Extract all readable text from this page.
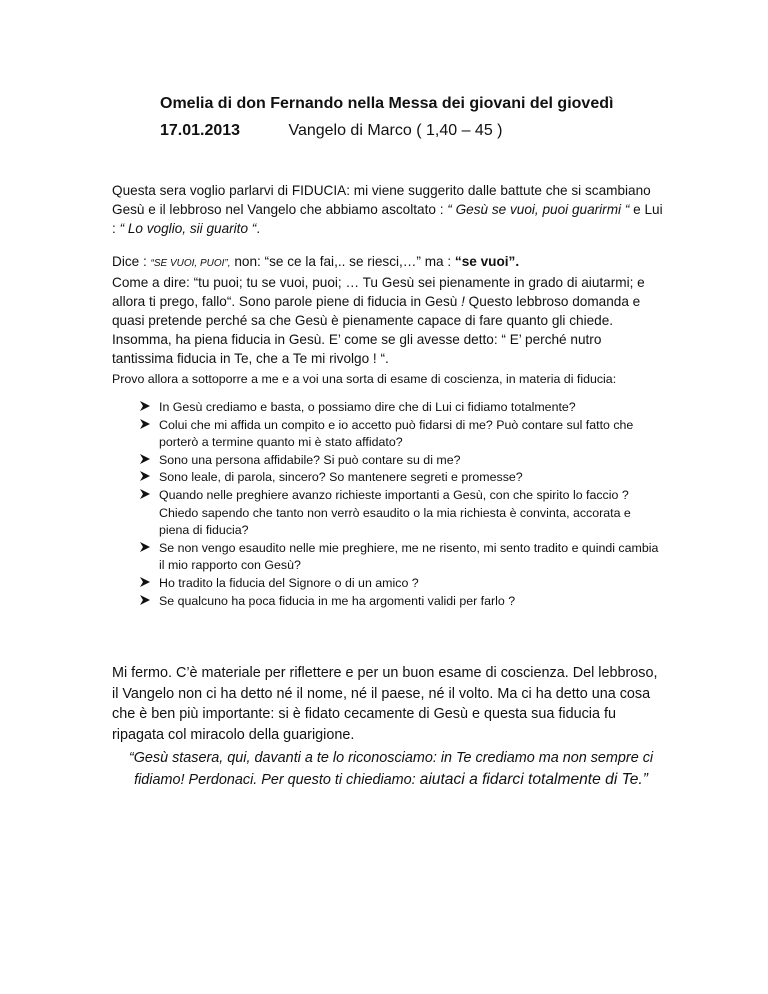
Omelia di don Fernando nella Messa dei giovani del giovedì
17.01.2013	Vangelo di Marco ( 1,40 – 45 )

Questa sera voglio parlarvi di FIDUCIA: mi viene suggerito dalle battute che si scambiano Gesù e il lebbroso nel Vangelo che abbiamo ascoltato : “ Gesù se vuoi, puoi guarirmi “ e Lui : “ Lo voglio, sii guarito “.

Dice : “SE VUOI, PUOI”, non: “se ce la fai,.. se riesci,…” ma : “se vuoi”.
Come a dire: “tu puoi; tu se vuoi, puoi; … Tu Gesù sei pienamente in grado di aiutarmi; e allora ti prego, fallo“. Sono parole piene di fiducia in Gesù ! Questo lebbroso domanda e quasi pretende perché sa che Gesù è pienamente capace di fare quanto gli chiede. Insomma, ha piena fiducia in Gesù. E’ come se gli avesse detto: “ E’ perché nutro tantissima fiducia in Te, che a Te mi rivolgo ! “.

Provo allora a sottoporre a me e a voi una sorta di esame di coscienza, in materia di fiducia:

In Gesù crediamo e basta, o possiamo dire che di Lui ci fidiamo totalmente?
Colui che mi affida un compito e io accetto può fidarsi di me? Può contare sul fatto che porterò a termine quanto mi è stato affidato?
Sono una persona affidabile? Si può contare su di me?
Sono leale, di parola, sincero? So mantenere segreti e promesse?
Quando nelle preghiere avanzo richieste importanti a Gesù, con che spirito lo faccio ? Chiedo sapendo che tanto non verrò esaudito o la mia richiesta è convinta, accorata e piena di fiducia?
Se non vengo esaudito nelle mie preghiere, me ne risento, mi sento tradito e quindi cambia il mio rapporto con Gesù?
Ho tradito la fiducia del Signore o di un amico ?
Se qualcuno ha poca fiducia in me ha argomenti validi per farlo ?

Mi fermo. C’è materiale per riflettere e per un buon esame di coscienza. Del lebbroso, il Vangelo non ci ha detto né il nome, né il paese, né il volto. Ma ci ha detto una cosa che è ben più importante: si è fidato cecamente di Gesù e questa sua fiducia fu ripagata col miracolo della guarigione.

“Gesù stasera, qui, davanti a te lo riconosciamo: in Te crediamo ma non sempre ci fidiamo! Perdonaci. Per questo ti chiediamo: aiutaci a fidarci totalmente di Te.”
